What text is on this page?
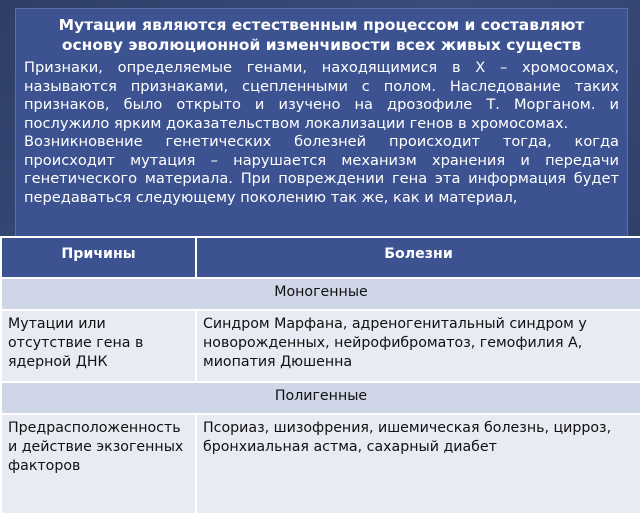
Мутации являются естественным процессом и составляют основу эволюционной изменчивости всех живых существ

Признаки, определяемые генами, находящимися в X – хромосомах, называются признаками, сцепленными с полом. Наследование таких признаков, было открыто и изучено на дрозофиле Т. Морганом. и послужило ярким доказательством локализации генов в хромосомах.

Возникновение генетических болезней происходит тогда, когда происходит мутация – нарушается механизм хранения и передачи генетического материала. При повреждении гена эта информация будет передаваться следующему поколению так же, как и материал,

Причины	Болезни
Моногенные	
Мутации или отсутствие гена в ядерной ДНК	Синдром Марфана, адреногенитальный синдром у новорожденных, нейрофиброматоз, гемофилия А, миопатия Дюшенна
Полигенные	
Предрасположенность и действие экзогенных факторов	Псориаз, шизофрения, ишемическая болезнь, цирроз, бронхиальная астма, сахарный диабет
